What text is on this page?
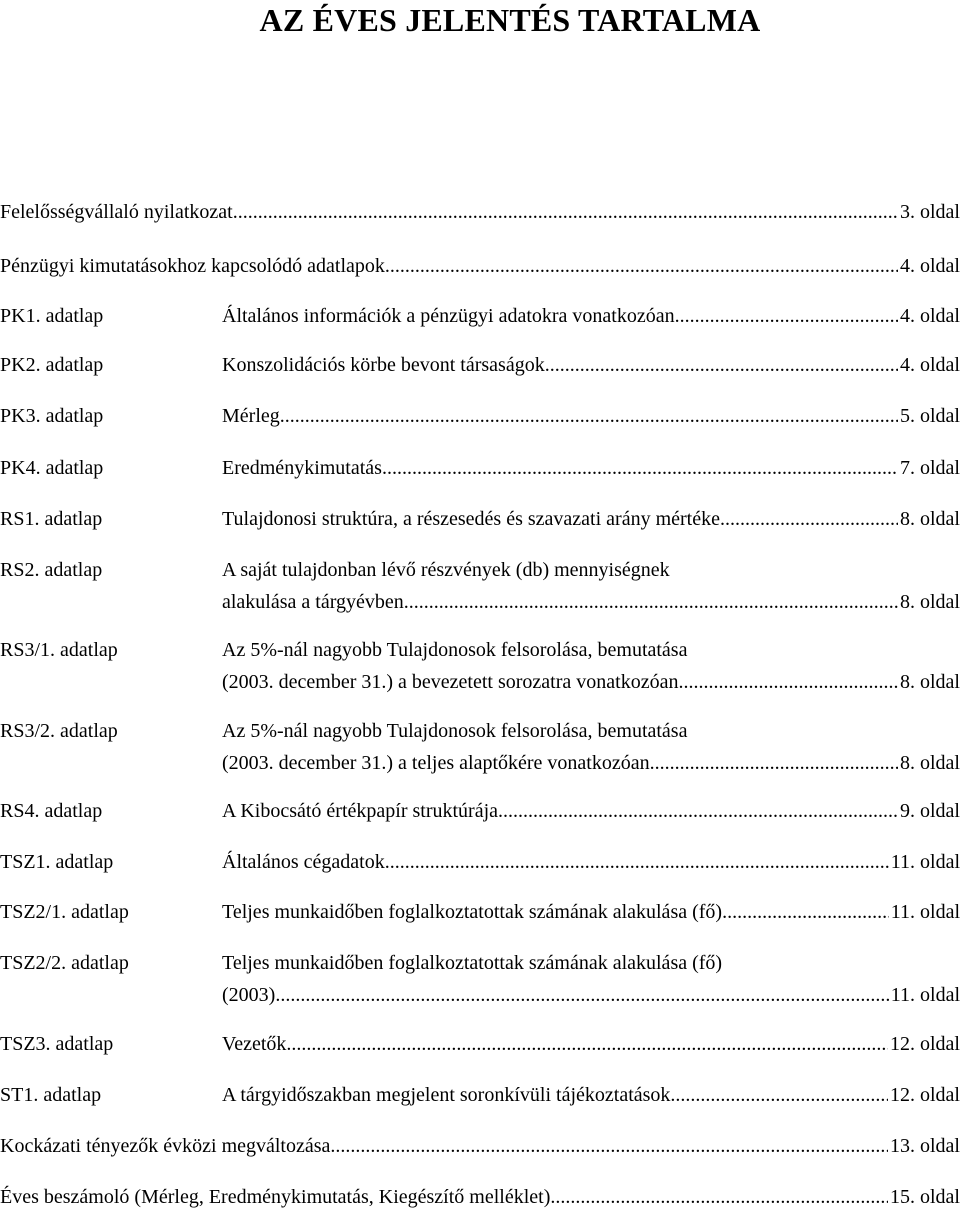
AZ ÉVES JELENTÉS TARTALMA
Felelősségvállaló nyilatkozat .....	3. oldal
Pénzügyi kimutatásokhoz kapcsolódó adatlapok .....	4. oldal
PK1. adatlap	Általános információk a pénzügyi adatokra vonatkozóan .....	4. oldal
PK2. adatlap	Konszolidációs körbe bevont társaságok .....	4. oldal
PK3. adatlap	Mérleg .....	5. oldal
PK4. adatlap	Eredménykimutatás .....	7. oldal
RS1. adatlap	Tulajdonosi struktúra, a részesedés és szavazati arány mértéke .....	8. oldal
RS2. adatlap	A saját tulajdonban lévő részvények (db) mennyiségnek
alakulása a tárgyévben .....	8. oldal
RS3/1. adatlap	Az 5%-nál nagyobb Tulajdonosok felsorolása, bemutatása
(2003. december 31.) a bevezetett sorozatra vonatkozóan .....	8. oldal
RS3/2. adatlap	Az 5%-nál nagyobb Tulajdonosok felsorolása, bemutatása
(2003. december 31.) a teljes alaptőkére vonatkozóan .....	8. oldal
RS4. adatlap	A Kibocsátó értékpapír struktúrája .....	9. oldal
TSZ1. adatlap	Általános cégadatok .....	11. oldal
TSZ2/1. adatlap	Teljes munkaidőben foglalkoztatottak számának alakulása (fő) .....	11. oldal
TSZ2/2. adatlap	Teljes munkaidőben foglalkoztatottak számának alakulása (fő)
(2003) .....	11. oldal
TSZ3. adatlap	Vezetők .....	12. oldal
ST1. adatlap	A tárgyidőszakban megjelent soronkívüli tájékoztatások .....	12. oldal
Kockázati tényezők évközi megváltozása .....	13. oldal
Éves beszámoló (Mérleg, Eredménykimutatás, Kiegészítő melléklet) .....	15. oldal
